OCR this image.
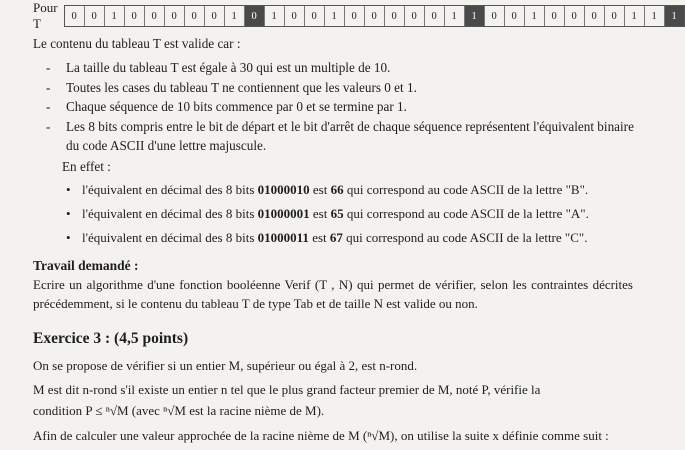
Pour T	0	0	1	0	0	0	0	0	1	0	1	0	0	1	0	0	0	0	0	1	1	0	0	1	0	0	0	0	1	1	1
Le contenu du tableau T est valide car :
- La taille du tableau T est égale à 30 qui est un multiple de 10.
- Toutes les cases du tableau T ne contiennent que les valeurs 0 et 1.
- Chaque séquence de 10 bits commence par 0 et se termine par 1.
- Les 8 bits compris entre le bit de départ et le bit d'arrêt de chaque séquence représentent l'équivalent binaire du code ASCII d'une lettre majuscule.
En effet :
• l'équivalent en décimal des 8 bits 01000010 est 66 qui correspond au code ASCII de la lettre "B".
• l'équivalent en décimal des 8 bits 01000001 est 65 qui correspond au code ASCII de la lettre "A".
• l'équivalent en décimal des 8 bits 01000011 est 67 qui correspond au code ASCII de la lettre "C".
Travail demandé :
Ecrire un algorithme d'une fonction booléenne Verif (T , N) qui permet de vérifier, selon les contraintes décrites précédemment, si le contenu du tableau T de type Tab et de taille N est valide ou non.
Exercice 3 : (4,5 points)
On se propose de vérifier si un entier M, supérieur ou égal à 2, est n-rond.
M est dit n-rond s'il existe un entier n tel que le plus grand facteur premier de M, noté P, vérifie la
condition P ≤ ⁿ√M (avec ⁿ√M est la racine nième de M).
Afin de calculer une valeur approchée de la racine nième de M (ⁿ√M), on utilise la suite x définie comme suit :
